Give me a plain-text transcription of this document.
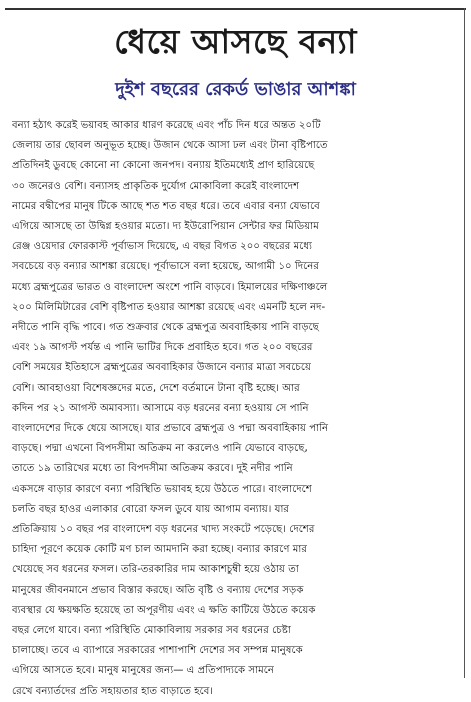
ধেয়ে আসছে বন্যা
দুইশ বছরের রেকর্ড ভাঙার আশঙ্কা

বন্যা হঠাৎ করেই ভয়াবহ আকার ধারণ করেছে এবং পাঁচ দিন ধরে অন্তত ২০টি
জেলায় তার ছোবল অনুভূত হচ্ছে। উজান থেকে আসা ঢল এবং টানা বৃষ্টিপাতে
প্রতিদিনই ডুবছে কোনো না কোনো জনপদ। বন্যায় ইতিমধ্যেই প্রাণ হারিয়েছে
৩০ জনেরও বেশি। বন্যাসহ প্রাকৃতিক দুর্যোগ মোকাবিলা করেই বাংলাদেশ
নামের বদ্বীপের মানুষ টিকে আছে শত শত বছর ধরে। তবে এবার বন্যা যেভাবে
এগিয়ে আসছে তা উদ্বিগ্ন হওয়ার মতো। দ্য ইউরোপিয়ান সেন্টার ফর মিডিয়াম
রেঞ্জ ওয়েদার ফোরকাস্ট পূর্বাভাস দিয়েছে, এ বছর বিগত ২০০ বছরের মধ্যে
সবচেয়ে বড় বন্যার আশঙ্কা রয়েছে। পূর্বাভাসে বলা হয়েছে, আগামী ১০ দিনের
মধ্যে ব্রহ্মপুত্রের ভারত ও বাংলাদেশ অংশে পানি বাড়বে। হিমালয়ের দক্ষিণাঞ্চলে
২০০ মিলিমিটারের বেশি বৃষ্টিপাত হওয়ার আশঙ্কা রয়েছে এবং এমনটি হলে নদ-
নদীতে পানি বৃদ্ধি পাবে। গত শুক্রবার থেকে ব্রহ্মপুত্র অববাহিকায় পানি বাড়ছে
এবং ১৯ আগস্ট পর্যন্ত এ পানি ভাটির দিকে প্রবাহিত হবে। গত ২০০ বছরের
বেশি সময়ের ইতিহাসে ব্রহ্মপুত্রের অববাহিকার উজানে বন্যার মাত্রা সবচেয়ে
বেশি। আবহাওয়া বিশেষজ্ঞদের মতে, দেশে বর্তমানে টানা বৃষ্টি হচ্ছে। আর
কদিন পর ২১ আগস্ট অমাবস্যা। আসামে বড় ধরনের বন্যা হওয়ায় সে পানি
বাংলাদেশের দিকে ধেয়ে আসছে। যার প্রভাবে ব্রহ্মপুত্র ও পদ্মা অববাহিকায় পানি
বাড়ছে। পদ্মা এখনো বিপদসীমা অতিক্রম না করলেও পানি যেভাবে বাড়ছে,
তাতে ১৯ তারিখের মধ্যে তা বিপদসীমা অতিক্রম করবে। দুই নদীর পানি
একসঙ্গে বাড়ার কারণে বন্যা পরিস্থিতি ভয়াবহ হয়ে উঠতে পারে। বাংলাদেশে
চলতি বছর হাওর এলাকার বোরো ফসল ডুবে যায় আগাম বন্যায়। যার
প্রতিক্রিয়ায় ১০ বছর পর বাংলাদেশ বড় ধরনের খাদ্য সংকটে পড়েছে। দেশের
চাহিদা পূরণে কয়েক কোটি মণ চাল আমদানি করা হচ্ছে। বন্যার কারণে মার
খেয়েছে সব ধরনের ফসল। তরি-তরকারির দাম আকাশচুম্বী হয়ে ওঠায় তা
মানুষের জীবনমানে প্রভাব বিস্তার করছে। অতি বৃষ্টি ও বন্যায় দেশের সড়ক
ব্যবস্থার যে ক্ষয়ক্ষতি হয়েছে তা অপূরণীয় এবং এ ক্ষতি কাটিয়ে উঠতে কয়েক
বছর লেগে যাবে। বন্যা পরিস্থিতি মোকাবিলায় সরকার সব ধরনের চেষ্টা
চালাচ্ছে। তবে এ ব্যাপারে সরকারের পাশাপাশি দেশের সব সম্পন্ন মানুষকে
এগিয়ে আসতে হবে। মানুষ মানুষের জন্য— এ প্রতিপাদ্যকে সামনে
রেখে বন্যার্তদের প্রতি সহায়তার হাত বাড়াতে হবে।
